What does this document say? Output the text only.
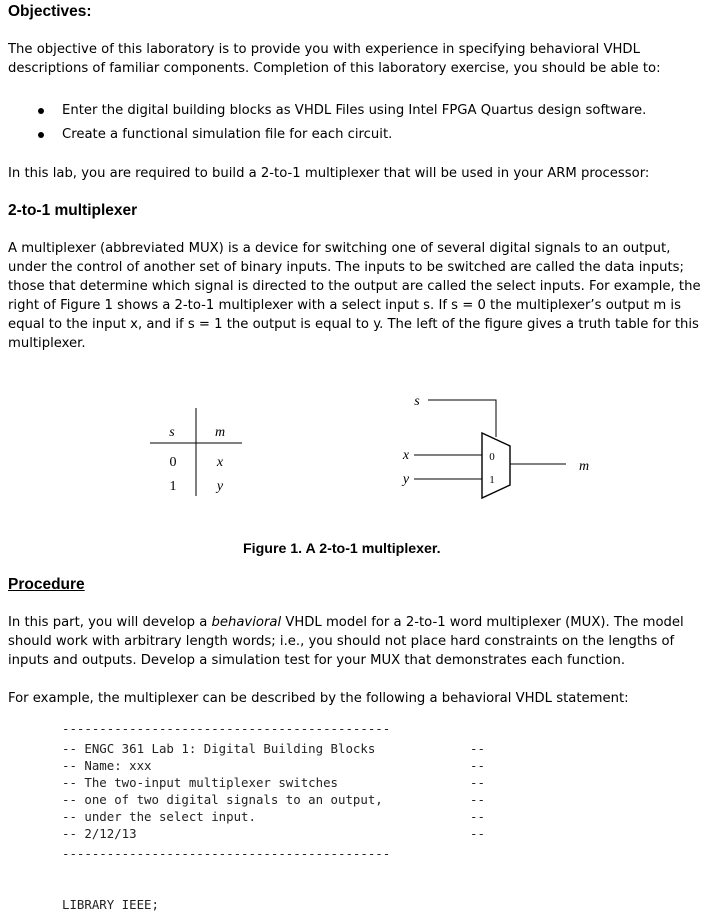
Objectives:
The objective of this laboratory is to provide you with experience in specifying behavioral VHDL descriptions of familiar components. Completion of this laboratory exercise, you should be able to:
Enter the digital building blocks as VHDL Files using Intel FPGA Quartus design software.
Create a functional simulation file for each circuit.
In this lab, you are required to build a 2-to-1 multiplexer that will be used in your ARM processor:
2-to-1 multiplexer
A multiplexer (abbreviated MUX) is a device for switching one of several digital signals to an output, under the control of another set of binary inputs. The inputs to be switched are called the data inputs; those that determine which signal is directed to the output are called the select inputs. For example, the right of Figure 1 shows a 2-to-1 multiplexer with a select input s. If s = 0 the multiplexer’s output m is equal to the input x, and if s = 1 the output is equal to y. The left of the figure gives a truth table for this multiplexer.
s	m
0	x
1	y
s
x
y
0
1
m
Figure 1. A 2-to-1 multiplexer.
Procedure
In this part, you will develop a behavioral VHDL model for a 2-to-1 word multiplexer (MUX). The model should work with arbitrary length words; i.e., you should not place hard constraints on the lengths of inputs and outputs. Develop a simulation test for your MUX that demonstrates each function.
For example, the multiplexer can be described by the following a behavioral VHDL statement:
--------------------------------------------
-- ENGC 361 Lab 1: Digital Building Blocks
-- Name: xxx
-- The two-input multiplexer switches
-- one of two digital signals to an output,
-- under the select input.
-- 2/12/13
--
--
--
--
--
--
--------------------------------------------
LIBRARY IEEE;
